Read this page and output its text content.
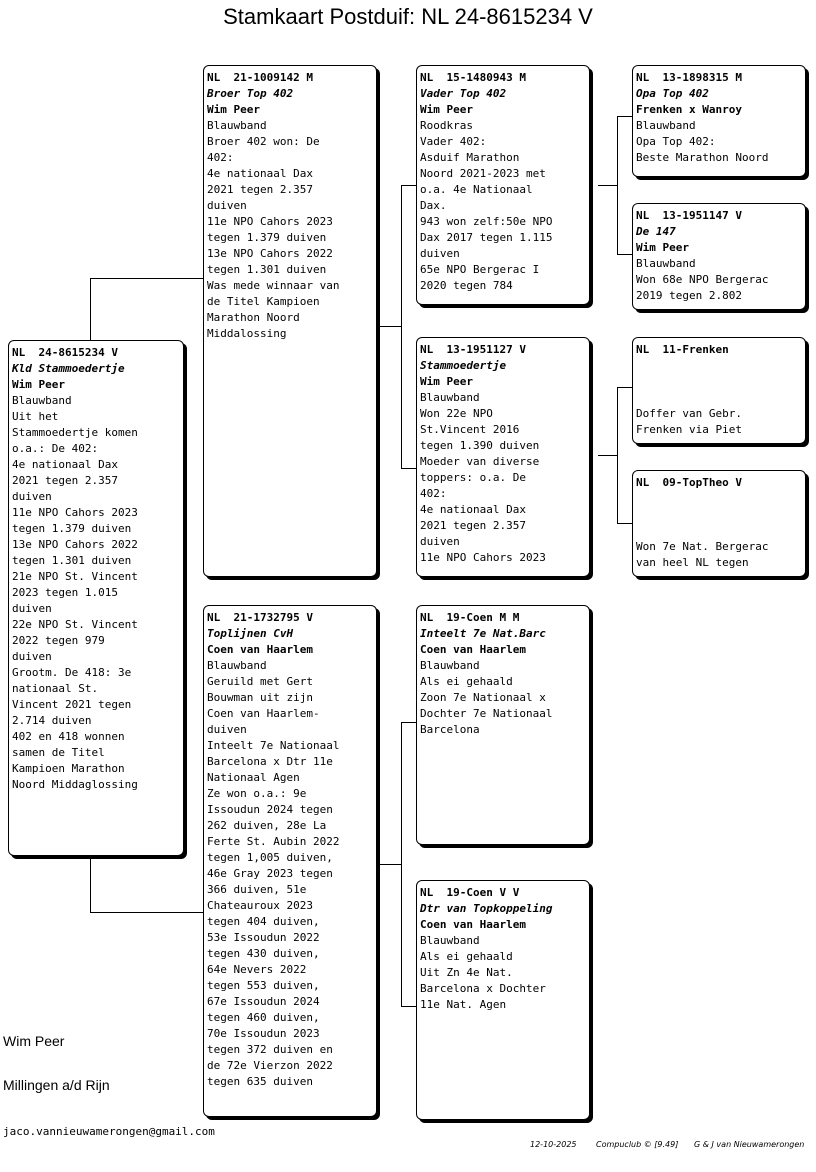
Stamkaart Postduif: NL 24-8615234 V
NL  24-8615234 V
Kld Stammoedertje
Wim Peer
Blauwband
Uit het
Stammoedertje komen
o.a.: De 402:
4e nationaal Dax
2021 tegen 2.357
duiven
11e NPO Cahors 2023
tegen 1.379 duiven
13e NPO Cahors 2022
tegen 1.301 duiven
21e NPO St. Vincent
2023 tegen 1.015
duiven
22e NPO St. Vincent
2022 tegen 979
duiven
Grootm. De 418: 3e
nationaal St.
Vincent 2021 tegen
2.714 duiven
402 en 418 wonnen
samen de Titel
Kampioen Marathon
Noord Middaglossing
NL  21-1009142 M
Broer Top 402
Wim Peer
Blauwband
Broer 402 won: De
402:
4e nationaal Dax
2021 tegen 2.357
duiven
11e NPO Cahors 2023
tegen 1.379 duiven
13e NPO Cahors 2022
tegen 1.301 duiven
Was mede winnaar van
de Titel Kampioen
Marathon Noord
Middalossing
NL  21-1732795 V
Toplijnen CvH
Coen van Haarlem
Blauwband
Geruild met Gert
Bouwman uit zijn
Coen van Haarlem-
duiven
Inteelt 7e Nationaal
Barcelona x Dtr 11e
Nationaal Agen
Ze won o.a.: 9e
Issoudun 2024 tegen
262 duiven, 28e La
Ferte St. Aubin 2022
tegen 1,005 duiven,
46e Gray 2023 tegen
366 duiven, 51e
Chateauroux 2023
tegen 404 duiven,
53e Issoudun 2022
tegen 430 duiven,
64e Nevers 2022
tegen 553 duiven,
67e Issoudun 2024
tegen 460 duiven,
70e Issoudun 2023
tegen 372 duiven en
de 72e Vierzon 2022
tegen 635 duiven
NL  15-1480943 M
Vader Top 402
Wim Peer
Roodkras
Vader 402:
Asduif Marathon
Noord 2021-2023 met
o.a. 4e Nationaal
Dax.
943 won zelf:50e NPO
Dax 2017 tegen 1.115
duiven
65e NPO Bergerac I
2020 tegen 784
NL  13-1951127 V
Stammoedertje
Wim Peer
Blauwband
Won 22e NPO
St.Vincent 2016
tegen 1.390 duiven
Moeder van diverse
toppers: o.a. De
402:
4e nationaal Dax
2021 tegen 2.357
duiven
11e NPO Cahors 2023
NL  19-Coen M M
Inteelt 7e Nat.Barc
Coen van Haarlem
Blauwband
Als ei gehaald
Zoon 7e Nationaal x
Dochter 7e Nationaal
Barcelona
NL  19-Coen V V
Dtr van Topkoppeling
Coen van Haarlem
Blauwband
Als ei gehaald
Uit Zn 4e Nat.
Barcelona x Dochter
11e Nat. Agen
NL  13-1898315 M
Opa Top 402
Frenken x Wanroy
Blauwband
Opa Top 402:
Beste Marathon Noord
NL  13-1951147 V
De 147
Wim Peer
Blauwband
Won 68e NPO Bergerac
2019 tegen 2.802
NL  11-Frenken
Doffer van Gebr.
Frenken via Piet
NL  09-TopTheo V
Won 7e Nat. Bergerac
van heel NL tegen
Wim Peer
Millingen a/d Rijn
jaco.vannieuwamerongen@gmail.com
12-10-2025 Compuclub © [9.49] G & J van Nieuwamerongen
